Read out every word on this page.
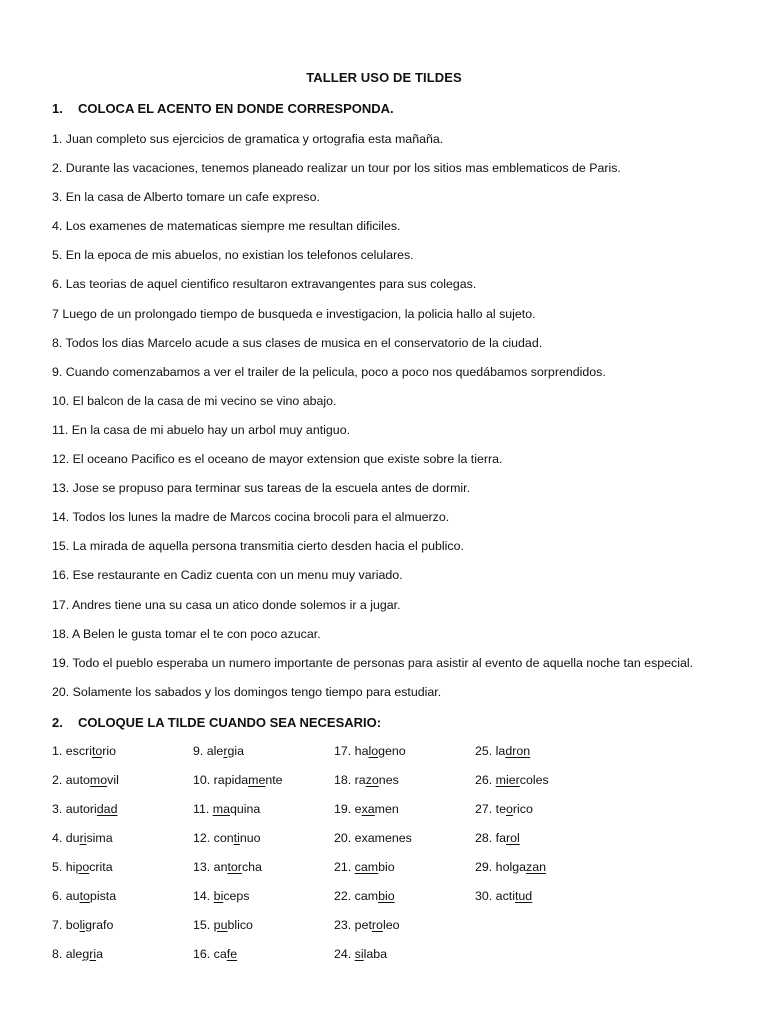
TALLER USO DE TILDES
1. COLOCA EL ACENTO EN DONDE CORRESPONDA.
1. Juan completo sus ejercicios de gramatica y ortografia esta mañaña.
2. Durante las vacaciones, tenemos planeado realizar un tour por los sitios mas emblematicos de Paris.
3. En la casa de Alberto tomare un cafe expreso.
4. Los examenes de matematicas siempre me resultan dificiles.
5. En la epoca de mis abuelos, no existian los telefonos celulares.
6. Las teorias de aquel cientifico resultaron extravangentes para sus colegas.
7 Luego de un prolongado tiempo de busqueda e investigacion, la policia hallo al sujeto.
8. Todos los dias Marcelo acude a sus clases de musica en el conservatorio de la ciudad.
9. Cuando comenzabamos a ver el trailer de la pelicula, poco a poco nos quedábamos sorprendidos.
10. El balcon de la casa de mi vecino se vino abajo.
11. En la casa de mi abuelo hay un arbol muy antiguo.
12. El oceano Pacifico es el oceano de mayor extension que existe sobre la tierra.
13. Jose se propuso para terminar sus tareas de la escuela antes de dormir.
14. Todos los lunes la madre de Marcos cocina brocoli para el almuerzo.
15. La mirada de aquella persona transmitia cierto desden hacia el publico.
16. Ese restaurante en Cadiz cuenta con un menu muy variado.
17. Andres tiene una su casa un atico donde solemos ir a jugar.
18. A Belen le gusta tomar el te con poco azucar.
19. Todo el pueblo esperaba un numero importante de personas para asistir al evento de aquella noche tan especial.
20. Solamente los sabados y los domingos tengo tiempo para estudiar.
2. COLOQUE LA TILDE CUANDO SEA NECESARIO:
1. escritorio	9. alergia	17. halogeno	25. ladron
2. automovil	10. rapidamente	18. razones	26. miercoles
3. autoridad	11. maquina	19. examen	27. teorico
4. durisima	12. continuo	20. examenes	28. farol
5. hipocrita	13. antorcha	21. cambio	29. holgazan
6. autopista	14. biceps	22. cambio	30. actitud
7. boligrafo	15. publico	23. petroleo
8. alegria	16. cafe	24. silaba
